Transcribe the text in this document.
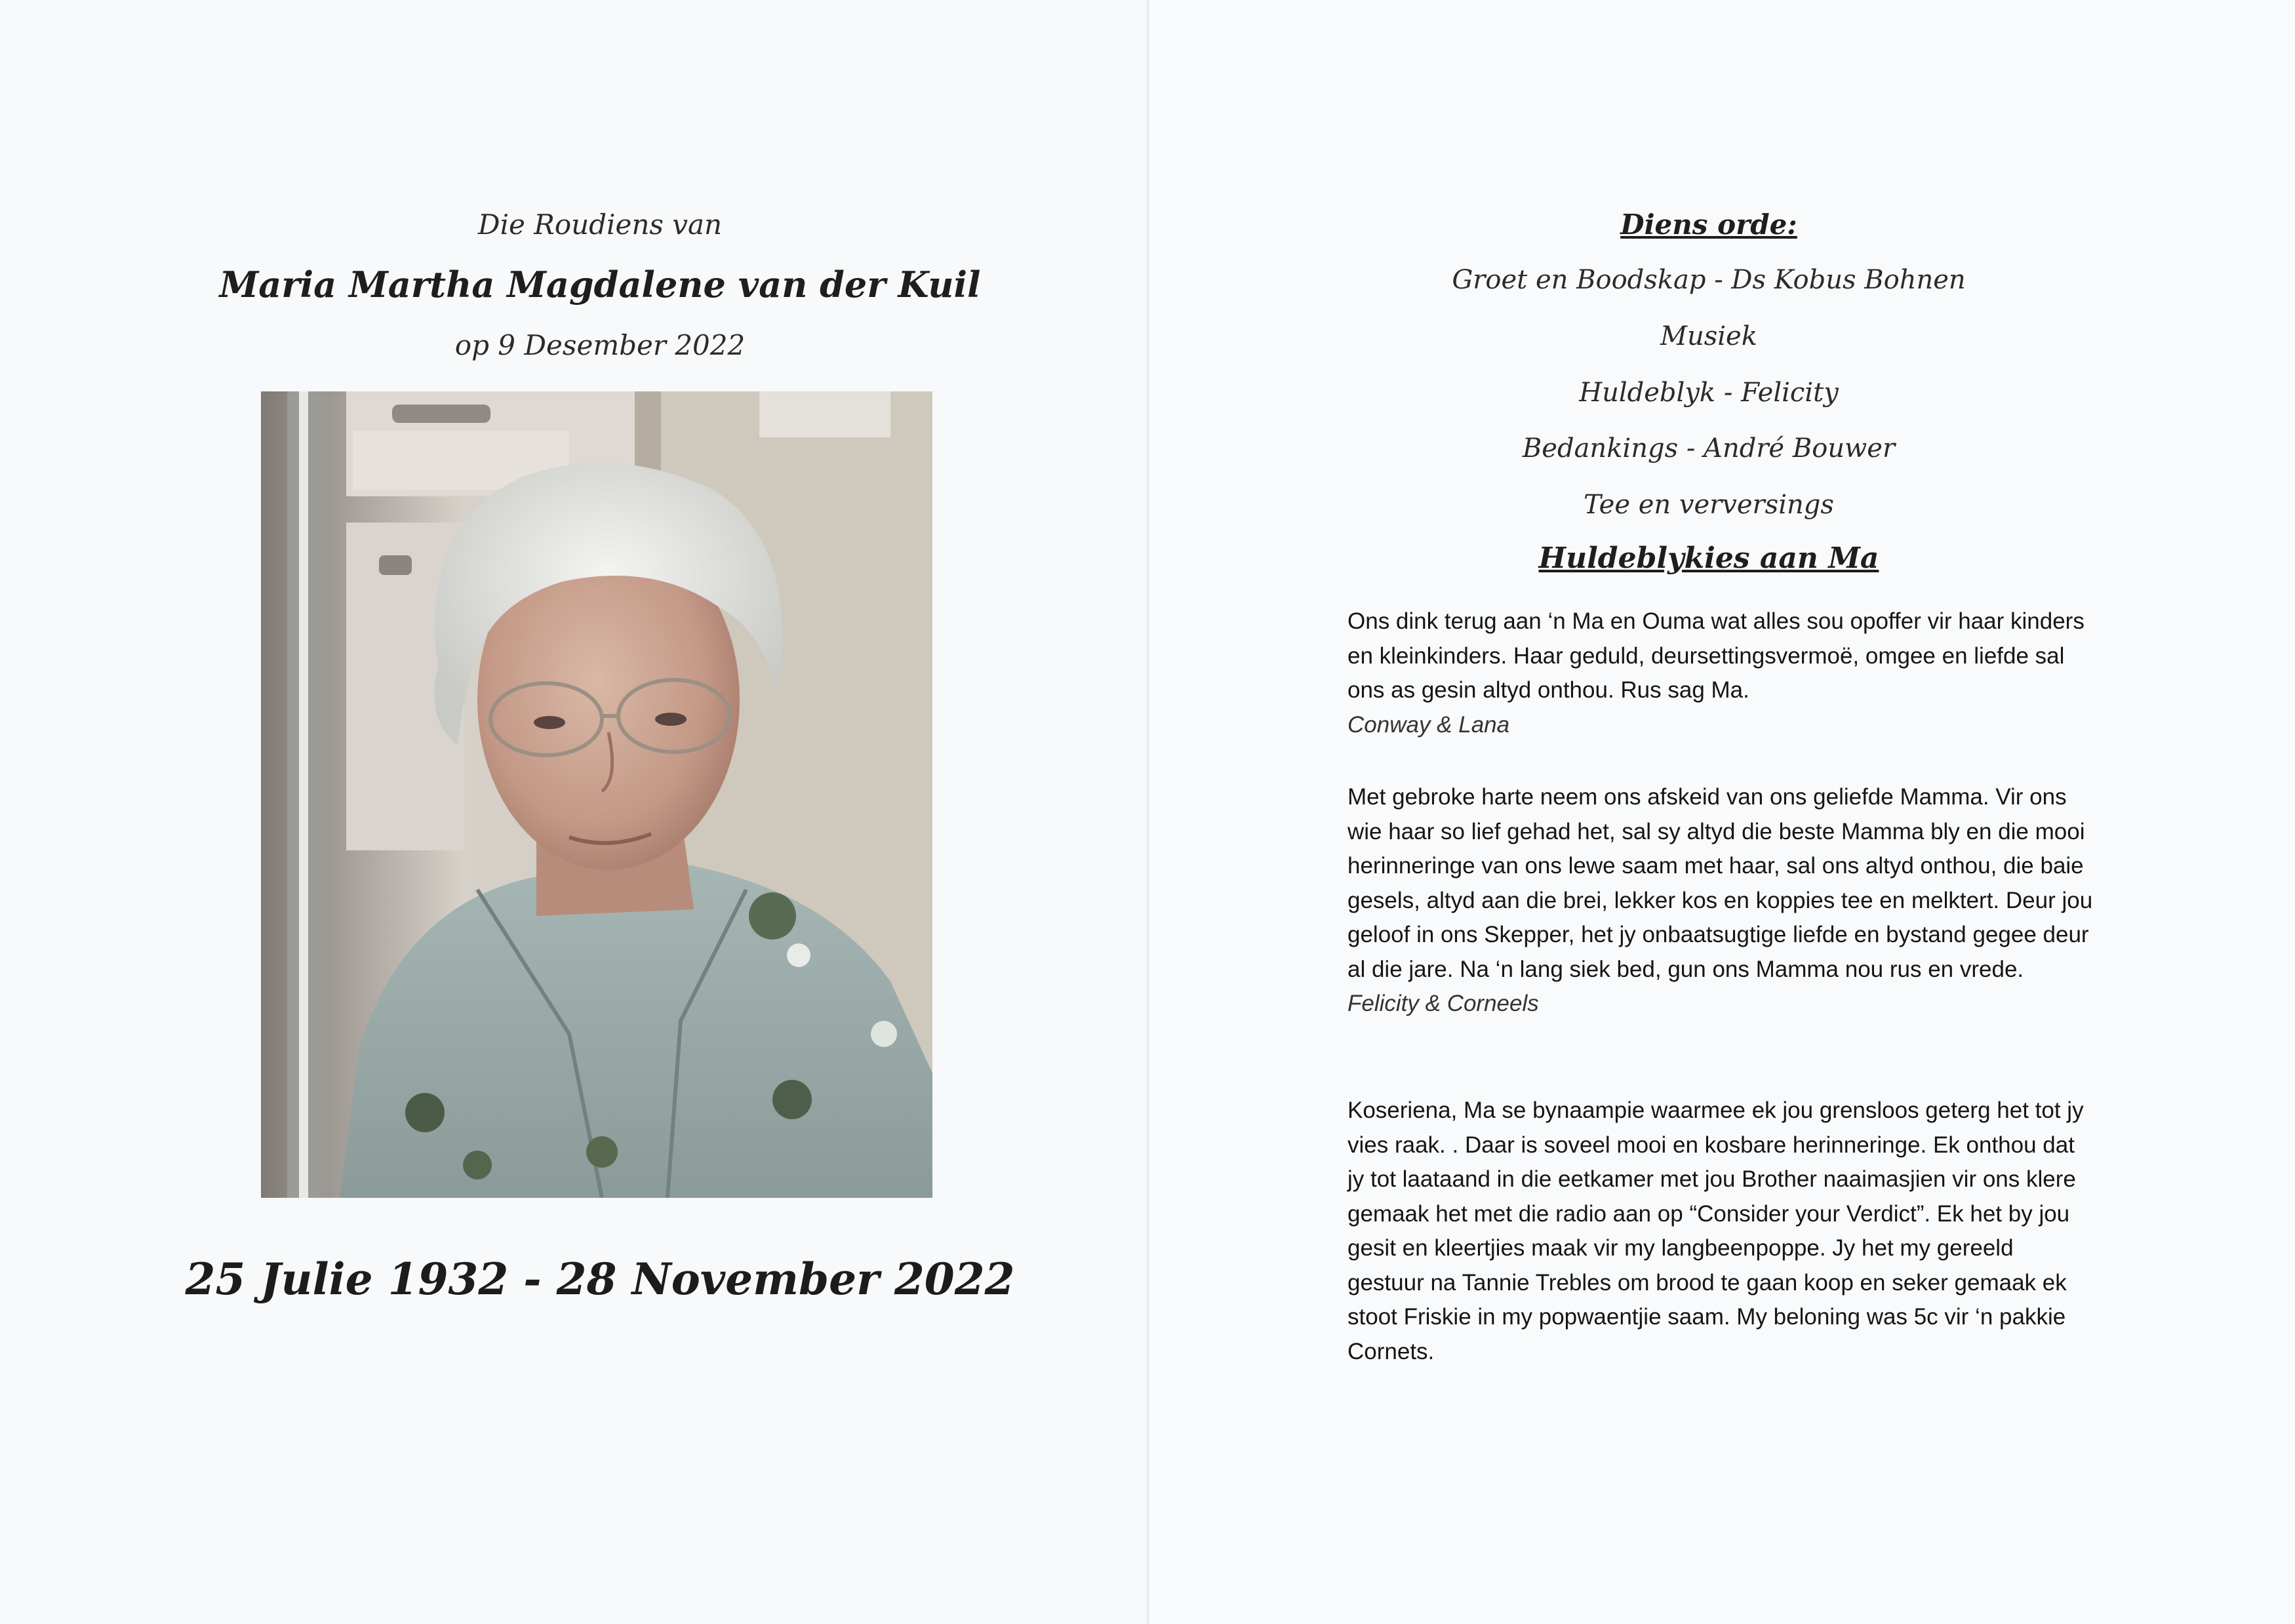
Die Roudiens van
Maria Martha Magdalene van der Kuil
op 9 Desember 2022
25 Julie 1932 - 28 November 2022
Diens orde:
Groet en Boodskap - Ds Kobus Bohnen
Musiek
Huldeblyk - Felicity
Bedankings - André Bouwer
Tee en verversings
Huldeblykies aan Ma

Ons dink terug aan ‘n Ma en Ouma wat alles sou opoffer vir haar kinders en kleinkinders. Haar geduld, deursettingsvermoë, omgee en liefde sal ons as gesin altyd onthou. Rus sag Ma.

Conway & Lana

Met gebroke harte neem ons afskeid van ons geliefde Mamma. Vir ons wie haar so lief gehad het, sal sy altyd die beste Mamma bly en die mooi herinneringe van ons lewe saam met haar, sal ons altyd onthou, die baie gesels, altyd aan die brei, lekker kos en koppies tee en melktert. Deur jou geloof in ons Skepper, het jy onbaatsugtige liefde en bystand gegee deur al die jare. Na ‘n lang siek bed, gun ons Mamma nou rus en vrede.

Felicity & Corneels

Koseriena, Ma se bynaampie waarmee ek jou grensloos geterg het tot jy vies raak. . Daar is soveel mooi en kosbare herinneringe. Ek onthou dat jy tot laataand in die eetkamer met jou Brother naaimasjien vir ons klere gemaak het met die radio aan op “Consider your Verdict”. Ek het by jou gesit en kleertjies maak vir my langbeenpoppe. Jy het my gereeld gestuur na Tannie Trebles om brood te gaan koop en seker gemaak ek stoot Friskie in my popwaentjie saam. My beloning was 5c vir ‘n pakkie Cornets.
